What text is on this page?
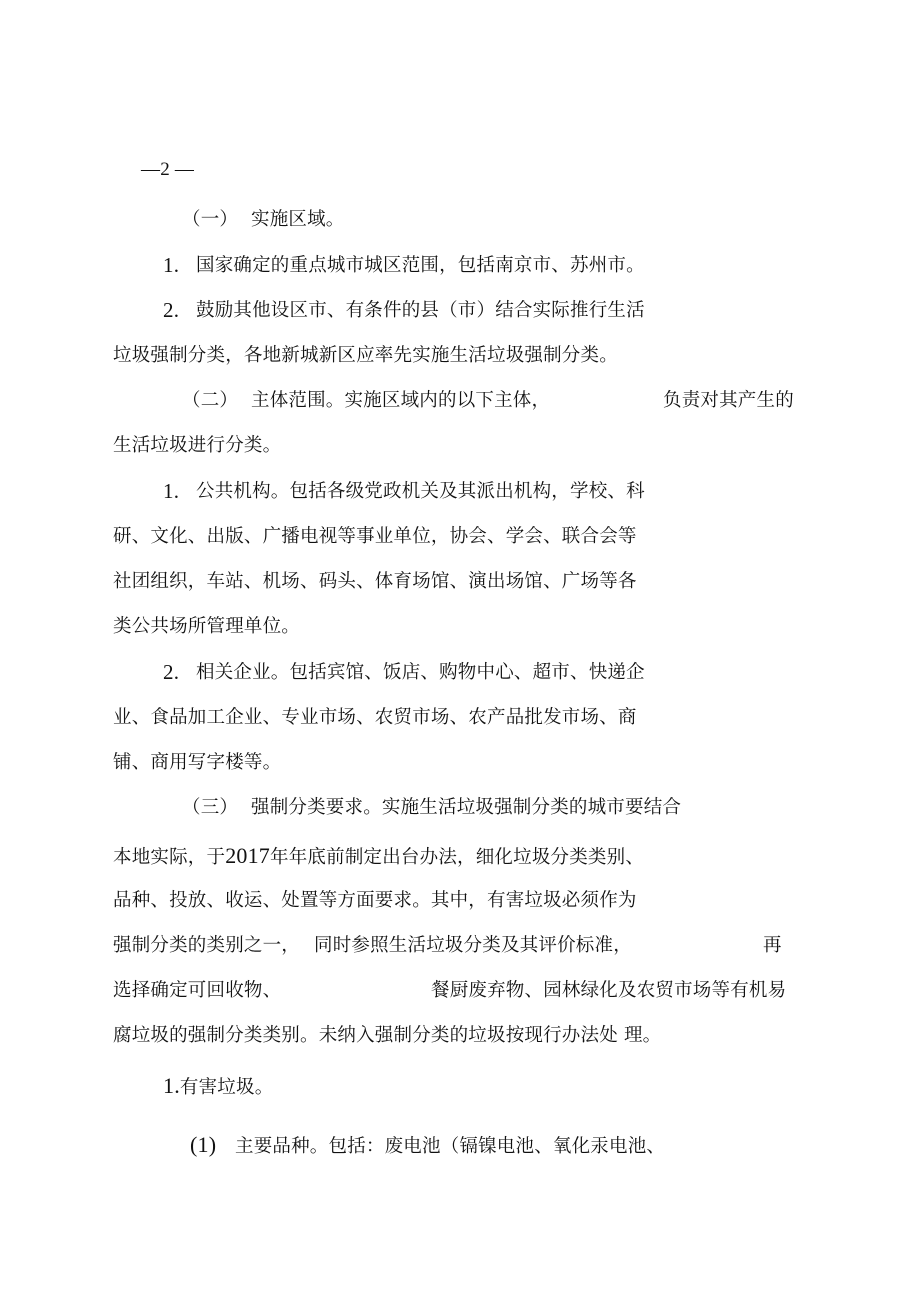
—2 —
（一） 实施区域。
1. 国家确定的重点城市城区范围，包括南京市、苏州市。
2. 鼓励其他设区市、有条件的县（市）结合实际推行生活
垃圾强制分类，各地新城新区应率先实施生活垃圾强制分类。
（二） 主体范围。实施区域内的以下主体，	负责对其产生的
生活垃圾进行分类。
1. 公共机构。包括各级党政机关及其派出机构，学校、科
研、文化、出版、广播电视等事业单位，协会、学会、联合会等
社团组织，车站、机场、码头、体育场馆、演出场馆、广场等各
类公共场所管理单位。
2. 相关企业。包括宾馆、饭店、购物中心、超市、快递企
业、食品加工企业、专业市场、农贸市场、农产品批发市场、商
铺、商用写字楼等。
（三） 强制分类要求。实施生活垃圾强制分类的城市要结合
本地实际，于2017年年底前制定出台办法，细化垃圾分类类别、
品种、投放、收运、处置等方面要求。其中，有害垃圾必须作为
强制分类的类别之一， 同时参照生活垃圾分类及其评价标准，	再
选择确定可回收物、	餐厨废弃物、园林绿化及农贸市场等有机易
腐垃圾的强制分类类别。未纳入强制分类的垃圾按现行办法处 理。
1.有害垃圾。
(1) 主要品种。包括：废电池（镉镍电池、氧化汞电池、
